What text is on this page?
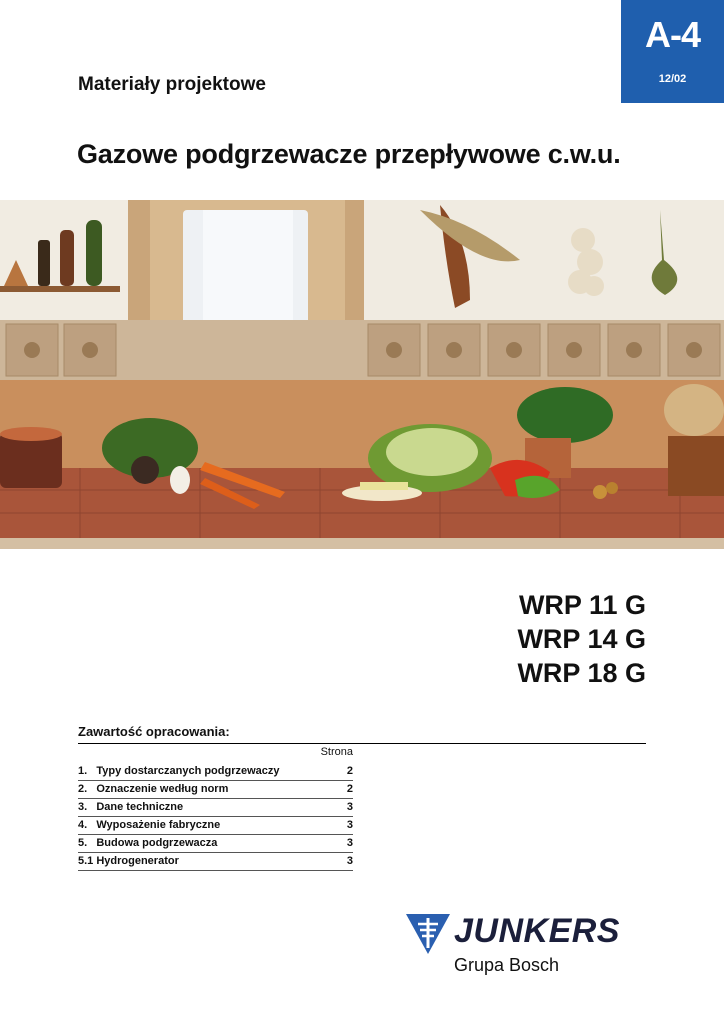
A-4
12/02
Materiały projektowe
Gazowe podgrzewacze przepływowe c.w.u.
WRP 11 G
WRP 14 G
WRP 18 G
Zawartość opracowania:
Strona
1.   Typy dostarczanych podgrzewaczy	2
2.   Oznaczenie według norm	2
3.   Dane techniczne	3
4.   Wyposażenie fabryczne	3
5.   Budowa podgrzewacza	3
5.1 Hydrogenerator	3
JUNKERS
Grupa Bosch
